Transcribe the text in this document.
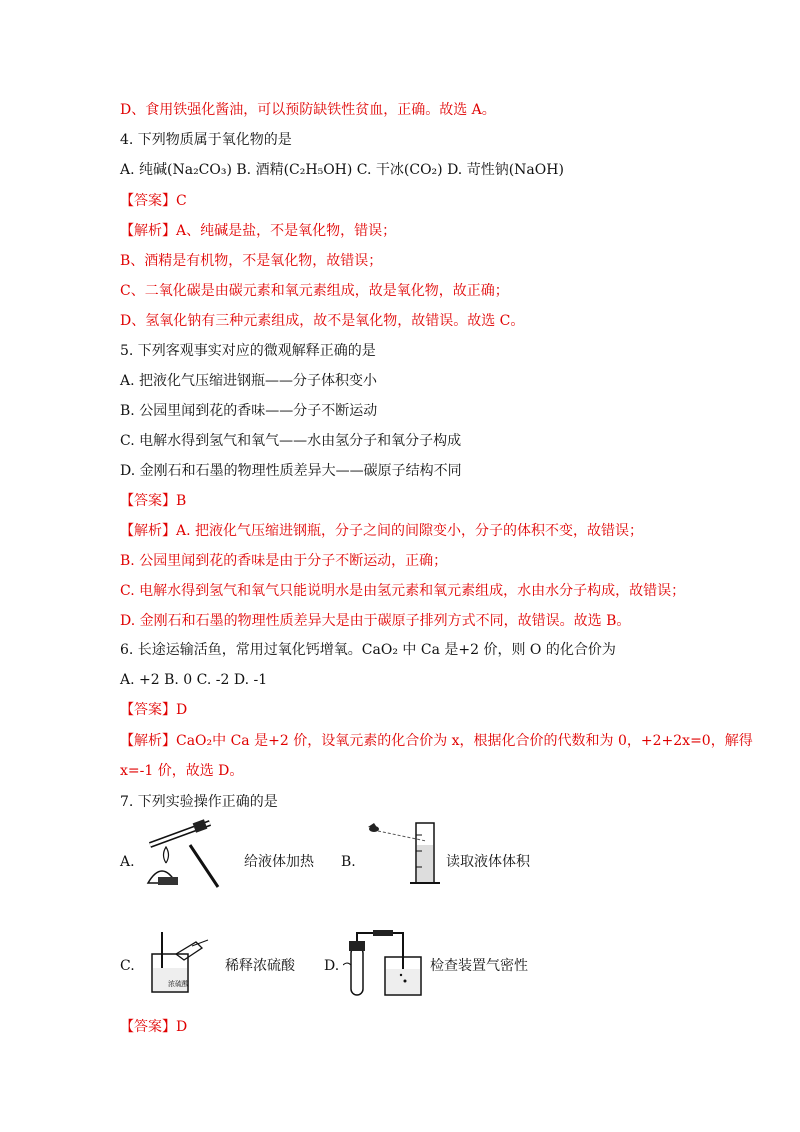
D、食用铁强化酱油，可以预防缺铁性贫血，正确。故选 A。
4. 下列物质属于氧化物的是
A. 纯碱(Na₂CO₃) B. 酒精(C₂H₅OH) C. 干冰(CO₂) D. 苛性钠(NaOH)
【答案】C
【解析】A、纯碱是盐，不是氧化物，错误；
B、酒精是有机物，不是氧化物，故错误；
C、二氧化碳是由碳元素和氧元素组成，故是氧化物，故正确；
D、氢氧化钠有三种元素组成，故不是氧化物，故错误。故选 C。
5. 下列客观事实对应的微观解释正确的是
A. 把液化气压缩进钢瓶——分子体积变小
B. 公园里闻到花的香味——分子不断运动
C. 电解水得到氢气和氧气——水由氢分子和氧分子构成
D. 金刚石和石墨的物理性质差异大——碳原子结构不同
【答案】B
【解析】A. 把液化气压缩进钢瓶，分子之间的间隙变小，分子的体积不变，故错误；
B. 公园里闻到花的香味是由于分子不断运动，正确；
C. 电解水得到氢气和氧气只能说明水是由氢元素和氧元素组成，水由水分子构成，故错误；
D. 金刚石和石墨的物理性质差异大是由于碳原子排列方式不同，故错误。故选 B。
6. 长途运输活鱼，常用过氧化钙增氧。CaO₂ 中 Ca 是+2 价，则 O 的化合价为
A. +2 B. 0 C. -2 D. -1
【答案】D
【解析】CaO₂中 Ca 是+2 价，设氧元素的化合价为 x，根据化合价的代数和为 0，+2+2x=0，解得
x=-1 价，故选 D。
7. 下列实验操作正确的是
A.	给液体加热 B.	读取液体体积
C.
浓硫酸
稀释浓硫酸 D.	检查装置气密性
【答案】D
